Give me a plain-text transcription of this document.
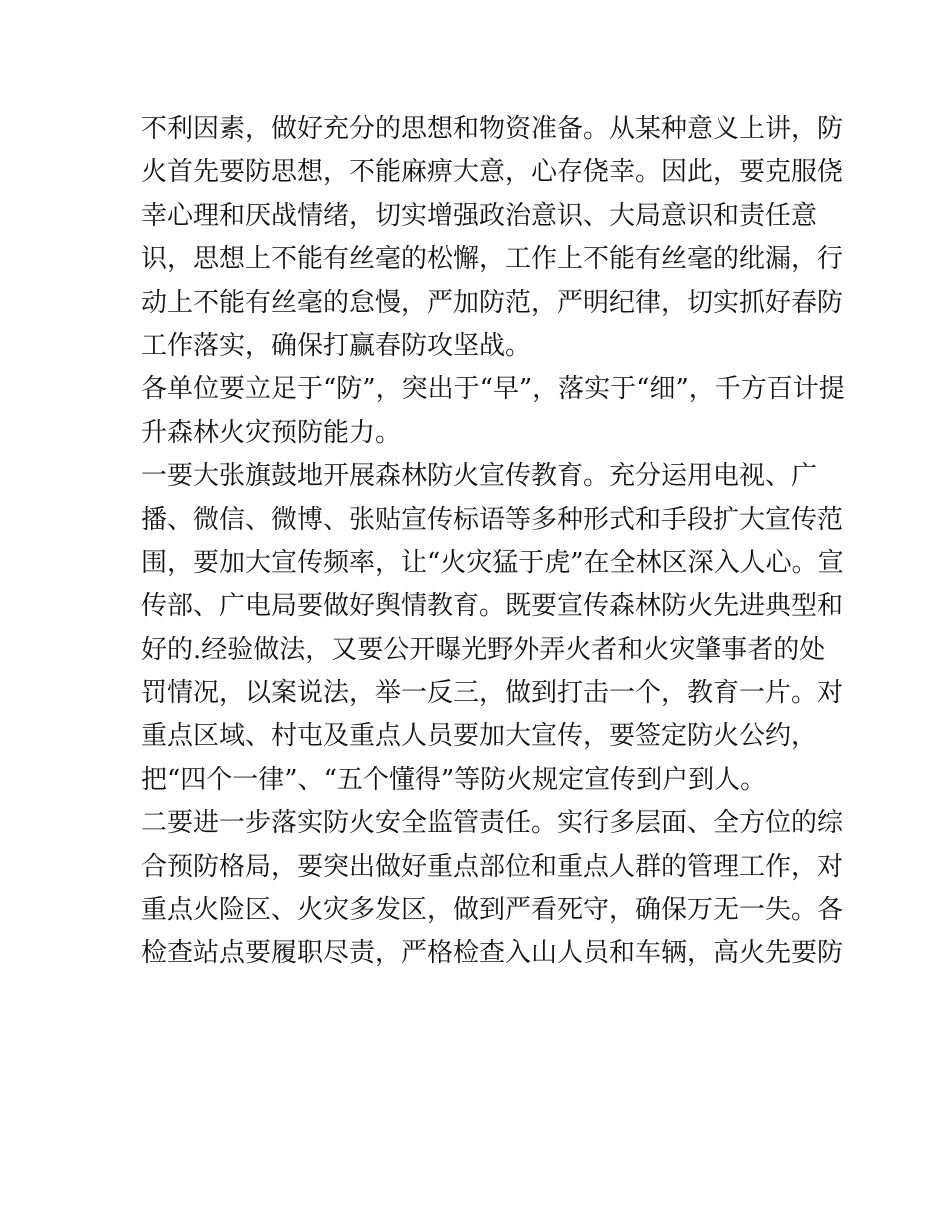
不利因素，做好充分的思想和物资准备。从某种意义上讲，防
火首先要防思想，不能麻痹大意，心存侥幸。因此，要克服侥
幸心理和厌战情绪，切实增强政治意识、大局意识和责任意
识，思想上不能有丝毫的松懈，工作上不能有丝毫的纰漏，行
动上不能有丝毫的怠慢，严加防范，严明纪律，切实抓好春防
工作落实，确保打赢春防攻坚战。
各单位要立足于“防”，突出于“早”，落实于“细”，千方百计提
升森林火灾预防能力。
一要大张旗鼓地开展森林防火宣传教育。充分运用电视、广
播、微信、微博、张贴宣传标语等多种形式和手段扩大宣传范
围，要加大宣传频率，让“火灾猛于虎”在全林区深入人心。宣
传部、广电局要做好舆情教育。既要宣传森林防火先进典型和
好的.经验做法，又要公开曝光野外弄火者和火灾肇事者的处
罚情况，以案说法，举一反三，做到打击一个，教育一片。对
重点区域、村屯及重点人员要加大宣传，要签定防火公约，
把“四个一律”、“五个懂得”等防火规定宣传到户到人。
二要进一步落实防火安全监管责任。实行多层面、全方位的综
合预防格局，要突出做好重点部位和重点人群的管理工作，对
重点火险区、火灾多发区，做到严看死守，确保万无一失。各
检查站点要履职尽责，严格检查入山人员和车辆，高火先要防
